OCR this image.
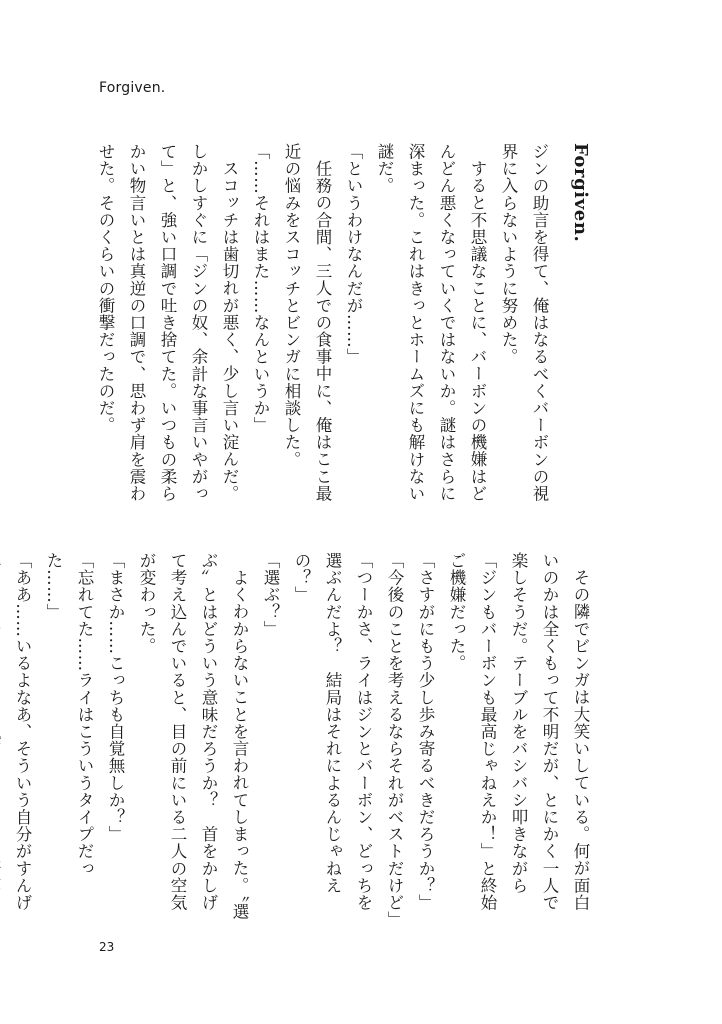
Forgiven.
Forgiven.
ジンの助言を得て、俺はなるべくバーボンの視界に入らないように努めた。
すると不思議なことに、バーボンの機嫌はどんどん悪くなっていくではないか。謎はさらに深まった。これはきっとホームズにも解けない謎だ。
「というわけなんだが……」
任務の合間、三人での食事中に、俺はここ最近の悩みをスコッチとビンガに相談した。
「……それはまた……なんというか」
スコッチは歯切れが悪く、少し言い淀んだ。しかしすぐに「ジンの奴、余計な事言いやがって」と、強い口調で吐き捨てた。いつもの柔らかい物言いとは真逆の口調で、思わず肩を震わせた。そのくらいの衝撃だったのだ。
その隣でビンガは大笑いしている。何が面白いのかは全くもって不明だが、とにかく一人で楽しそうだ。テーブルをバシバシ叩きながら「ジンもバーボンも最高じゃねえか！」と終始ご機嫌だった。
「さすがにもう少し歩み寄るべきだろうか？」
「今後のことを考えるならそれがベストだけど」
「つーかさ、ライはジンとバーボン、どっちを選ぶんだよ？　結局はそれによるんじゃねえの？」
「選ぶ？」
よくわからないことを言われてしまった。〝選ぶ〟とはどういう意味だろうか？　首をかしげて考え込んでいると、目の前にいる二人の空気が変わった。
「まさか……こっちも自覚無しか？」
「忘れてた……ライはこういうタイプだった……」
「ああ……いるよなあ、そういう自分がすんげ
23
